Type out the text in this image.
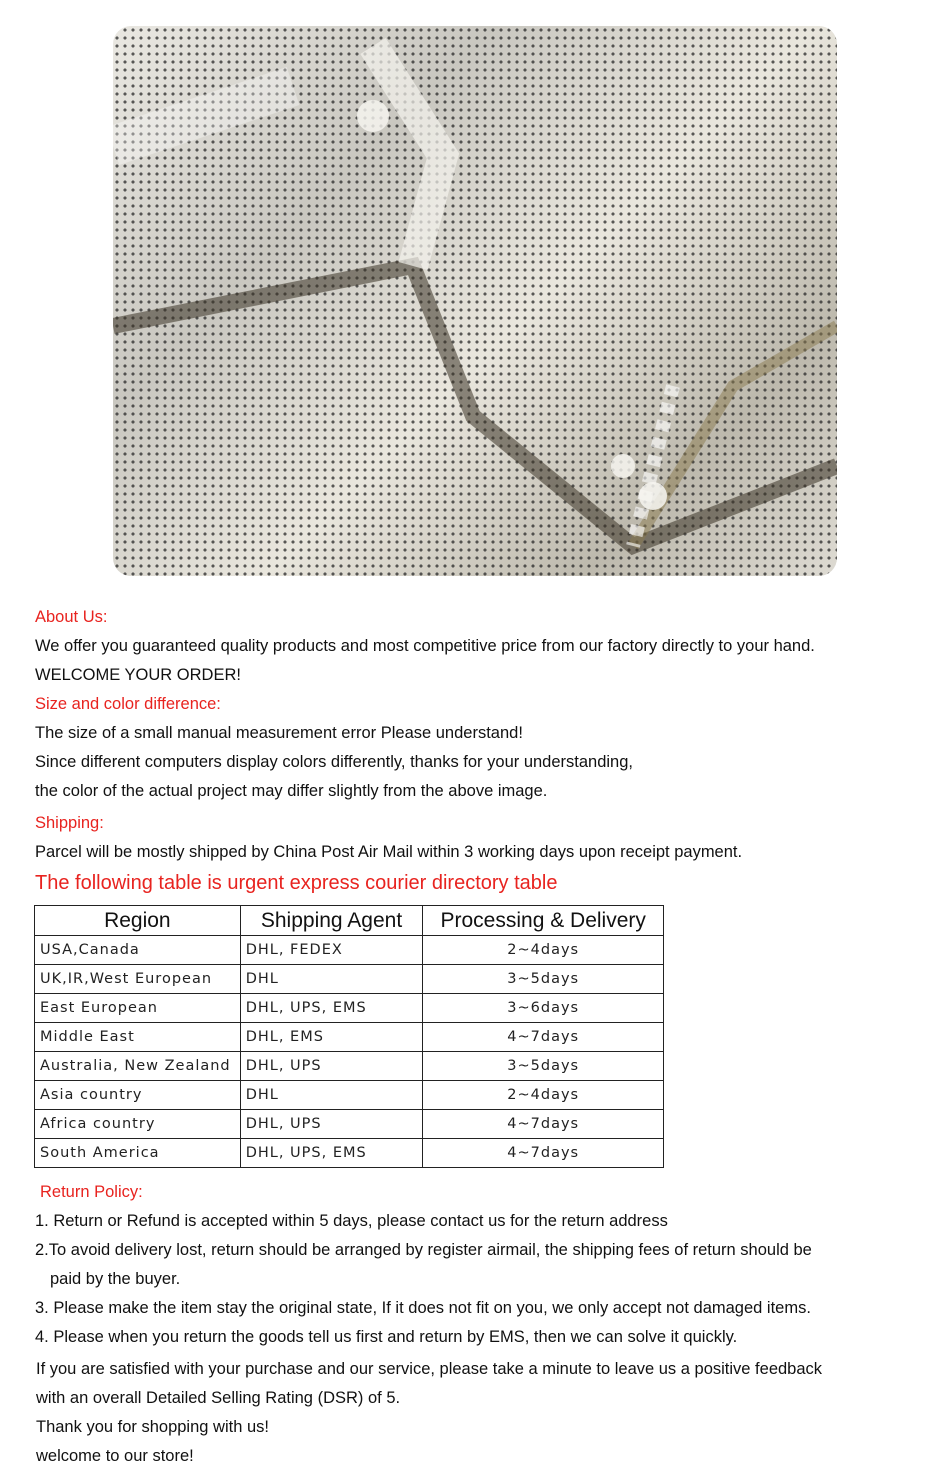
About Us:
We offer you guaranteed quality products and most competitive price from our factory directly to your hand.
WELCOME YOUR ORDER!
Size and color difference:
The size of a small manual measurement error Please understand!
Since different computers display colors differently, thanks for your understanding,
the color of the actual project may differ slightly from the above image.
Shipping:
Parcel will be mostly shipped by China Post Air Mail within 3 working days upon receipt payment.
The following table is urgent express courier directory table
Region	Shipping Agent	Processing & Delivery
USA,Canada	DHL, FEDEX	2~4days
UK,IR,West European	DHL	3~5days
East European	DHL, UPS, EMS	3~6days
Middle East	DHL, EMS	4~7days
Australia, New Zealand	DHL, UPS	3~5days
Asia country	DHL	2~4days
Africa country	DHL, UPS	4~7days
South America	DHL, UPS, EMS	4~7days
Return Policy:
1. Return or Refund is accepted within 5 days, please contact us for the return address
2.To avoid delivery lost, return should be arranged by register airmail, the shipping fees of return should be
paid by the buyer.
3. Please make the item stay the original state, If it does not fit on you, we only accept not damaged items.
4. Please when you return the goods tell us first and return by EMS, then we can solve it quickly.
If you are satisfied with your purchase and our service, please take a minute to leave us a positive feedback
with an overall Detailed Selling Rating (DSR) of 5.
Thank you for shopping with us!
welcome to our store!
